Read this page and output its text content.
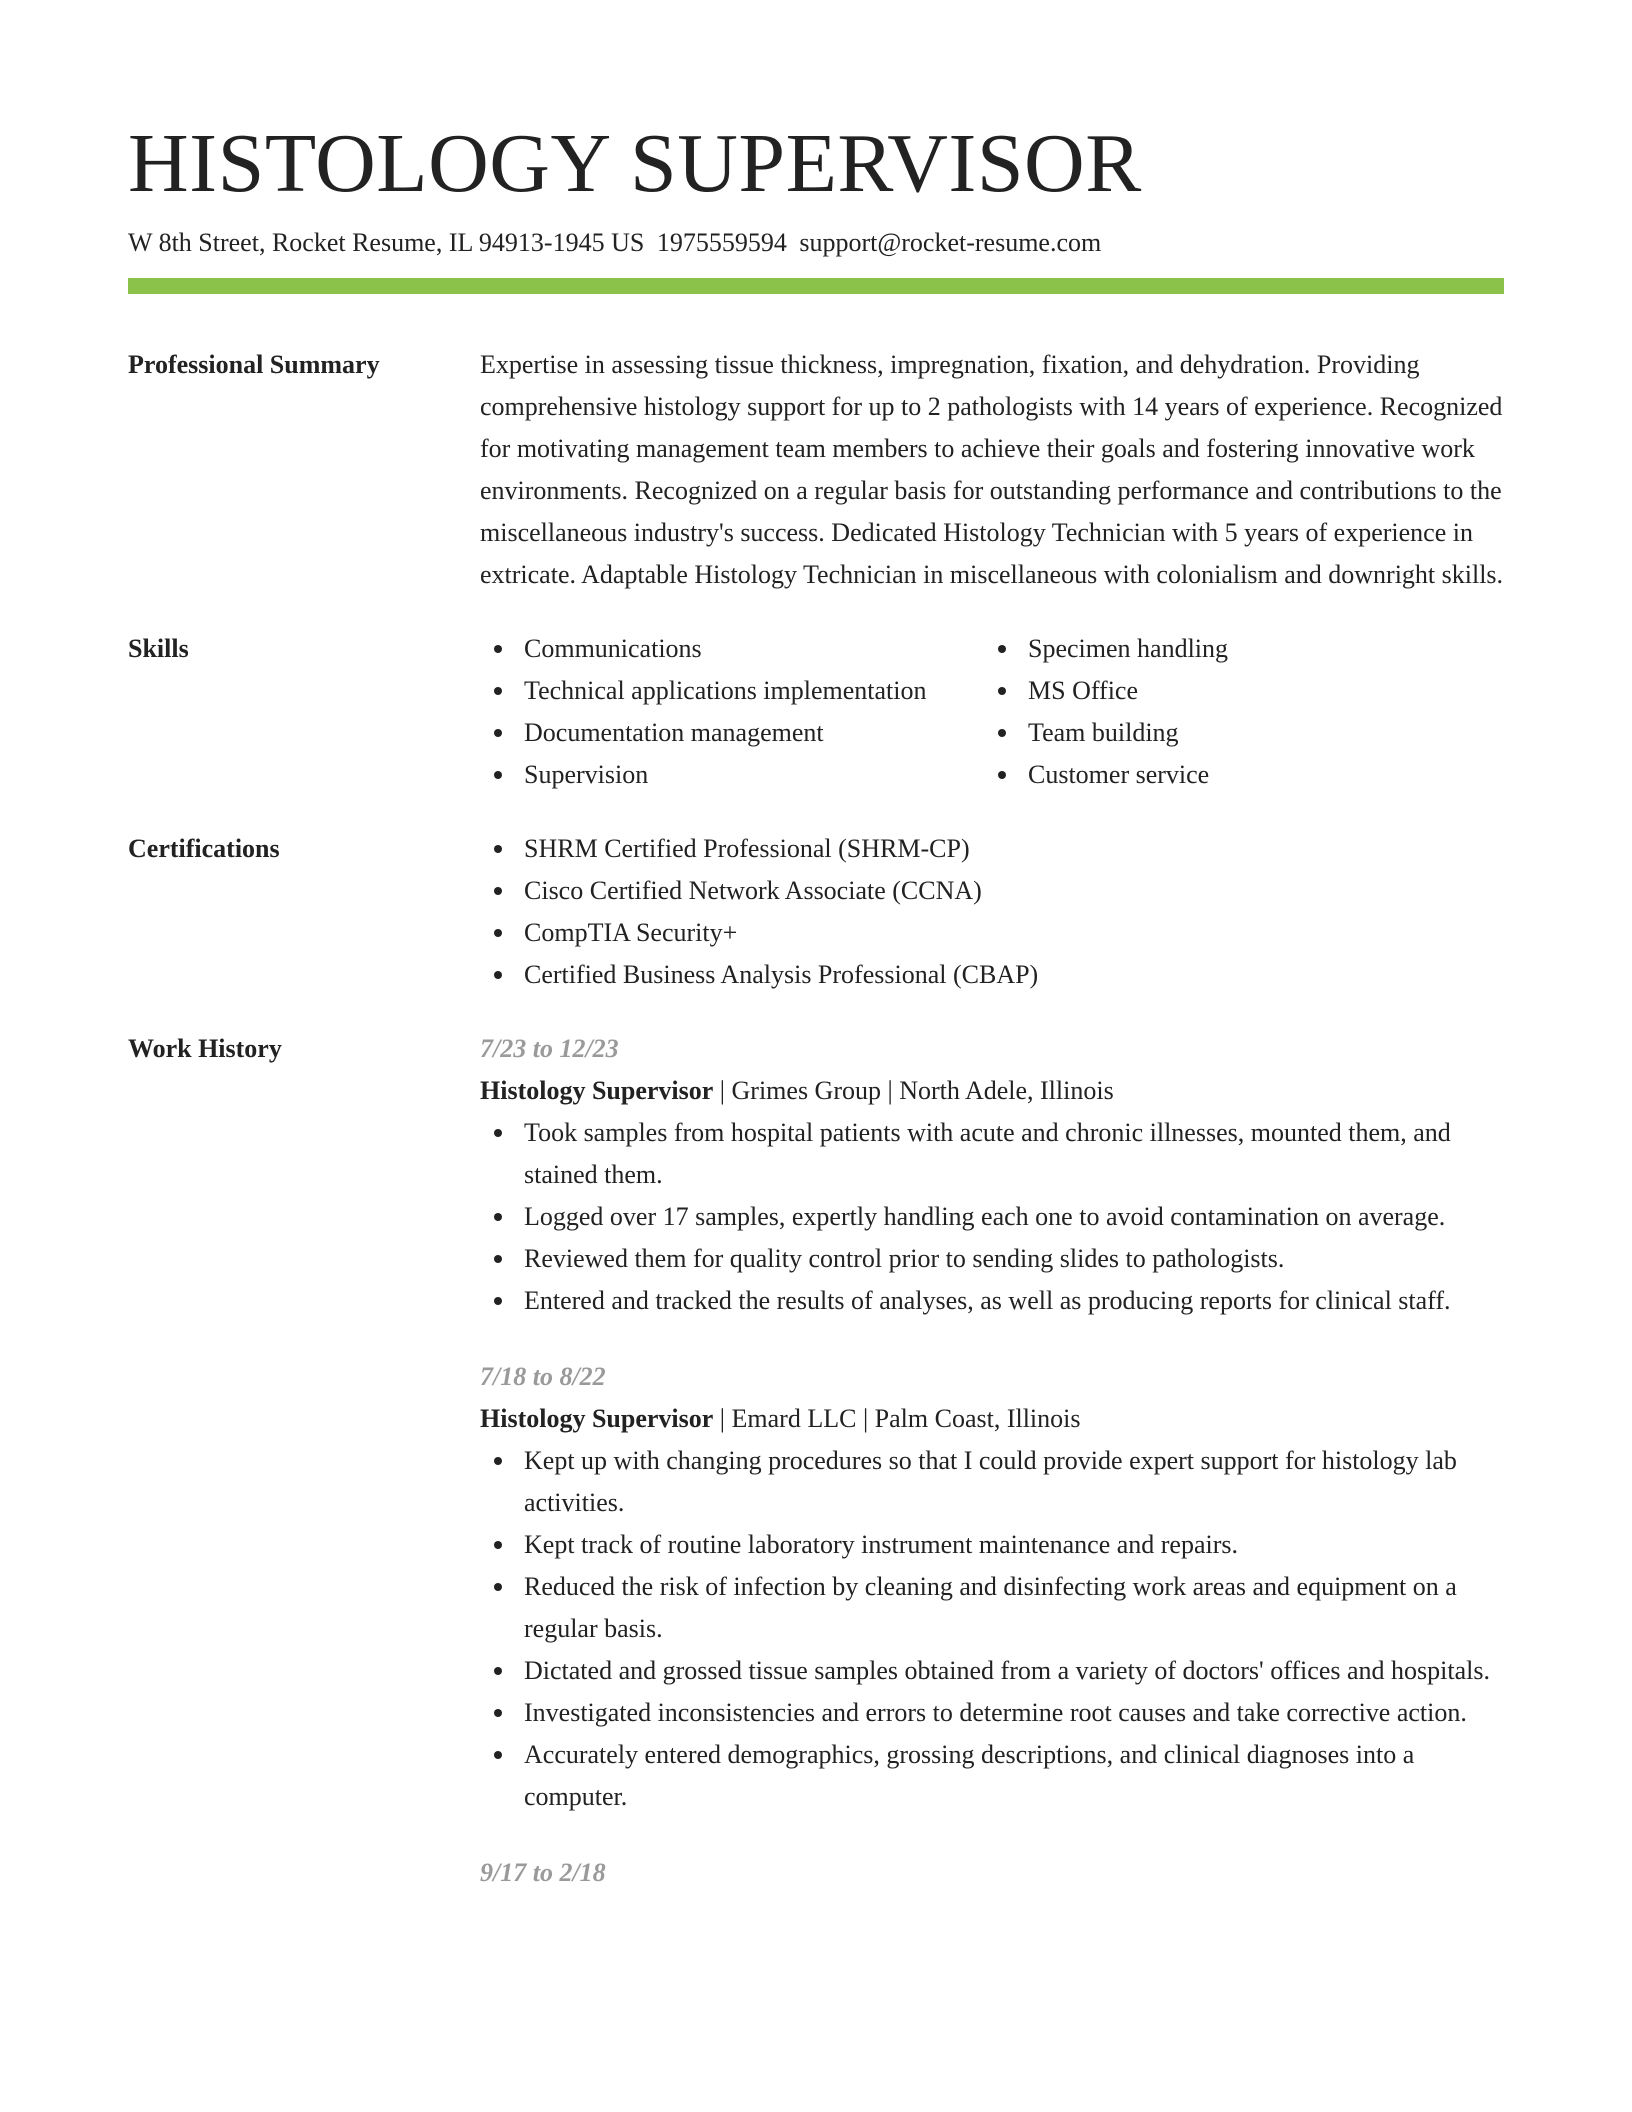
HISTOLOGY SUPERVISOR
W 8th Street, Rocket Resume, IL 94913-1945 US 1975559594 support@rocket-resume.com
Professional Summary	Expertise in assessing tissue thickness, impregnation, fixation, and dehydration. Providing comprehensive histology support for up to 2 pathologists with 14 years of experience. Recognized for motivating management team members to achieve their goals and fostering innovative work environments. Recognized on a regular basis for outstanding performance and contributions to the miscellaneous industry's success. Dedicated Histology Technician with 5 years of experience in extricate. Adaptable Histology Technician in miscellaneous with colonialism and downright skills.
Skills	Communications
Technical applications implementation
Documentation management
Supervision
Specimen handling
MS Office
Team building
Customer service
Certifications	SHRM Certified Professional (SHRM-CP)
Cisco Certified Network Associate (CCNA)
CompTIA Security+
Certified Business Analysis Professional (CBAP)
Work History	7/23 to 12/23
Histology Supervisor | Grimes Group | North Adele, Illinois
Took samples from hospital patients with acute and chronic illnesses, mounted them, and stained them.
Logged over 17 samples, expertly handling each one to avoid contamination on average.
Reviewed them for quality control prior to sending slides to pathologists.
Entered and tracked the results of analyses, as well as producing reports for clinical staff.
7/18 to 8/22
Histology Supervisor | Emard LLC | Palm Coast, Illinois
Kept up with changing procedures so that I could provide expert support for histology lab activities.
Kept track of routine laboratory instrument maintenance and repairs.
Reduced the risk of infection by cleaning and disinfecting work areas and equipment on a regular basis.
Dictated and grossed tissue samples obtained from a variety of doctors' offices and hospitals.
Investigated inconsistencies and errors to determine root causes and take corrective action.
Accurately entered demographics, grossing descriptions, and clinical diagnoses into a computer.
9/17 to 2/18
